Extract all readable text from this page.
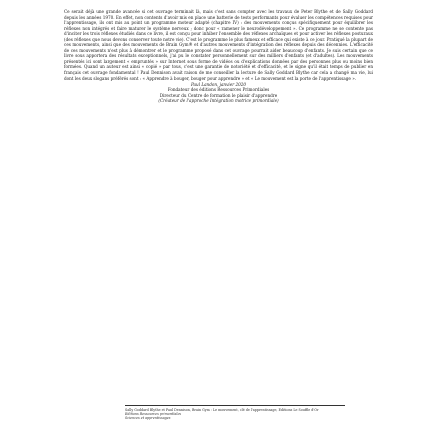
Ce serait déjà une grande avancée si cet ouvrage terminait là, mais c'est sans compter avec les travaux de Peter Blythe et de Sally Goddard depuis les années 1970. En effet, non contents d'avoir mis en place une batterie de tests performants pour évaluer les compétences requises pour l'apprentissage, ils ont mis au point un programme moteur adapté (chapitre IV) : des mouvements conçus spécifiquement pour équilibrer les réflexes non intégrés et faire maturer le système nerveux ; donc pour « ramener le neurodéveloppement ». Ce programme ne se contente pas d'inciter les trois réflexes étudiés dans ce livre, il est conçu pour inhiber l'ensemble des réflexes archaïques et pour activer les réflexes posturaux (des réflexes que nous devons conserver toute notre vie). C'est le programme le plus fameux et efficace qui existe à ce jour. Pratiqué la plupart de ces mouvements, ainsi que des mouvements de Brain Gym® et d'autres mouvements d'intégration des réflexes depuis des décennies. L'efficacité de ces mouvements n'est plus à démontrer et le programme proposé dans cet ouvrage pourrait aider beaucoup d'enfants. Je suis certain que ce livre sous apportera des résultats exceptionnels, j'ai pu le constater personnellement sur des milliers d'enfants (et d'adultes). Les mouvements présentés ici sont largement « empruntés » sur Internet sous forme de vidéos ou d'explications données par des personnes plus ou moins bien formées. Quand un auteur est ainsi « copié » par tous, c'est une garantie de notoriété et d'efficacité, et le signe qu'il était temps de publier en français cet ouvrage fondamental ! Paul Dennison avait raison de me conseiller la lecture de Sally Goddard Blythe car cela a changé ma vie, lui dont les deux slogans préférés sont : « Apprendre à bouger, bouger pour apprendre » et « Le mouvement est la porte de l'apprentissage ».

Paul Landon, janvier 2020
Fondateur des éditions Ressources Primordiales
Directeur du Centre de formation le plaisir d'apprendre
(Créateur de l'approche Intégration motrice primordiale)
Sally Goddard Blythe et Paul Dennison, Brain Gym : Le mouvement, clé de l'apprentissage, Éditions Le Souffle d'Or
Éditions Ressources primordiales
Sciences et apprentissages
